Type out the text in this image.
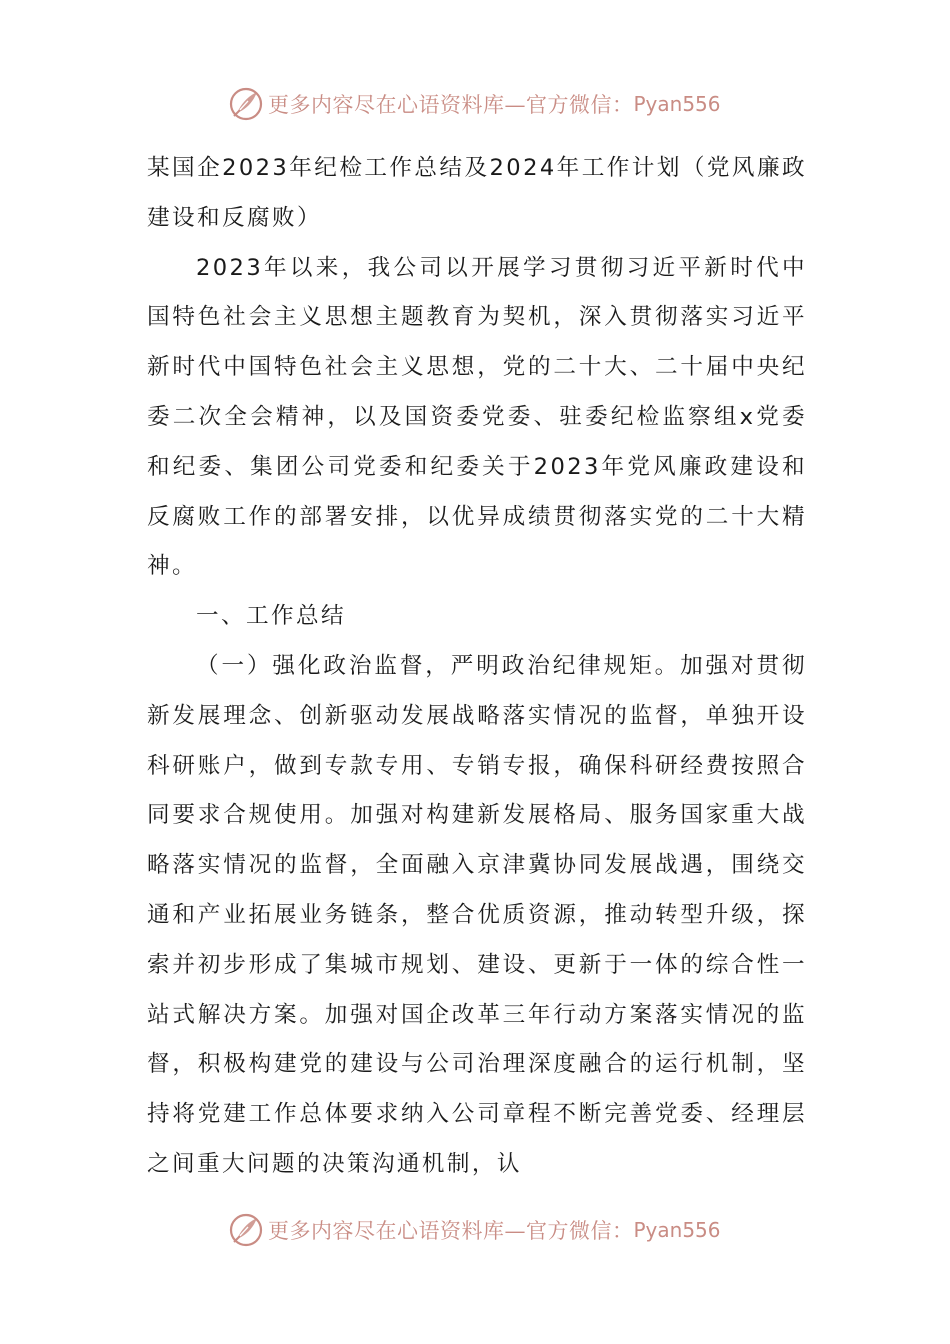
更多内容尽在心语资料库—官方微信： Pyan556

某国企2023年纪检工作总结及2024年工作计划（党风廉政建设和反腐败）

2023年以来，我公司以开展学习贯彻习近平新时代中国特色社会主义思想主题教育为契机，深入贯彻落实习近平新时代中国特色社会主义思想，党的二十大、二十届中央纪委二次全会精神，以及国资委党委、驻委纪检监察组x党委和纪委、集团公司党委和纪委关于2023年党风廉政建设和反腐败工作的部署安排，以优异成绩贯彻落实党的二十大精神。

一、工作总结

（一）强化政治监督，严明政治纪律规矩。加强对贯彻新发展理念、创新驱动发展战略落实情况的监督，单独开设科研账户，做到专款专用、专销专报，确保科研经费按照合同要求合规使用。加强对构建新发展格局、服务国家重大战略落实情况的监督，全面融入京津冀协同发展战遇，围绕交通和产业拓展业务链条，整合优质资源，推动转型升级，探索并初步形成了集城市规划、建设、更新于一体的综合性一站式解决方案。加强对国企改革三年行动方案落实情况的监督，积极构建党的建设与公司治理深度融合的运行机制，坚持将党建工作总体要求纳入公司章程不断完善党委、经理层之间重大问题的决策沟通机制，认

更多内容尽在心语资料库—官方微信： Pyan556
